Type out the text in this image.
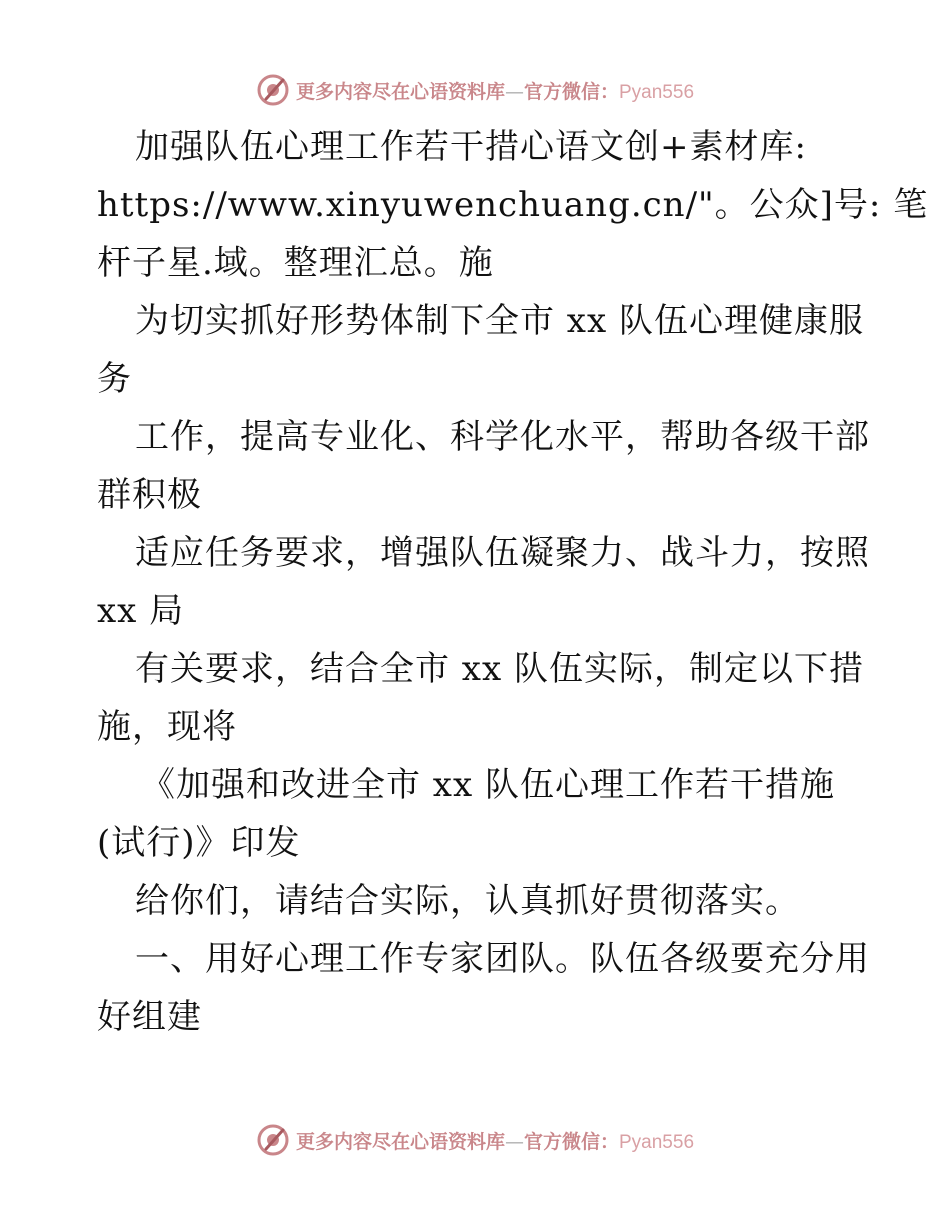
更多内容尽在心语资料库—官方微信：Pyan556
加强队伍心理工作若干措心语文创+素材库:
https://www.xinyuwenchuang.cn/"。公众]号: 笔
杆子星.域。整理汇总。施
为切实抓好形势体制下全市 xx 队伍心理健康服
务
工作，提高专业化、科学化水平，帮助各级干部
群积极
适应任务要求，增强队伍凝聚力、战斗力，按照
xx 局
有关要求，结合全市 xx 队伍实际，制定以下措
施，现将
《加强和改进全市 xx 队伍心理工作若干措施
(试行)》印发
给你们，请结合实际，认真抓好贯彻落实。
一、用好心理工作专家团队。队伍各级要充分用
好组建
更多内容尽在心语资料库—官方微信：Pyan556
